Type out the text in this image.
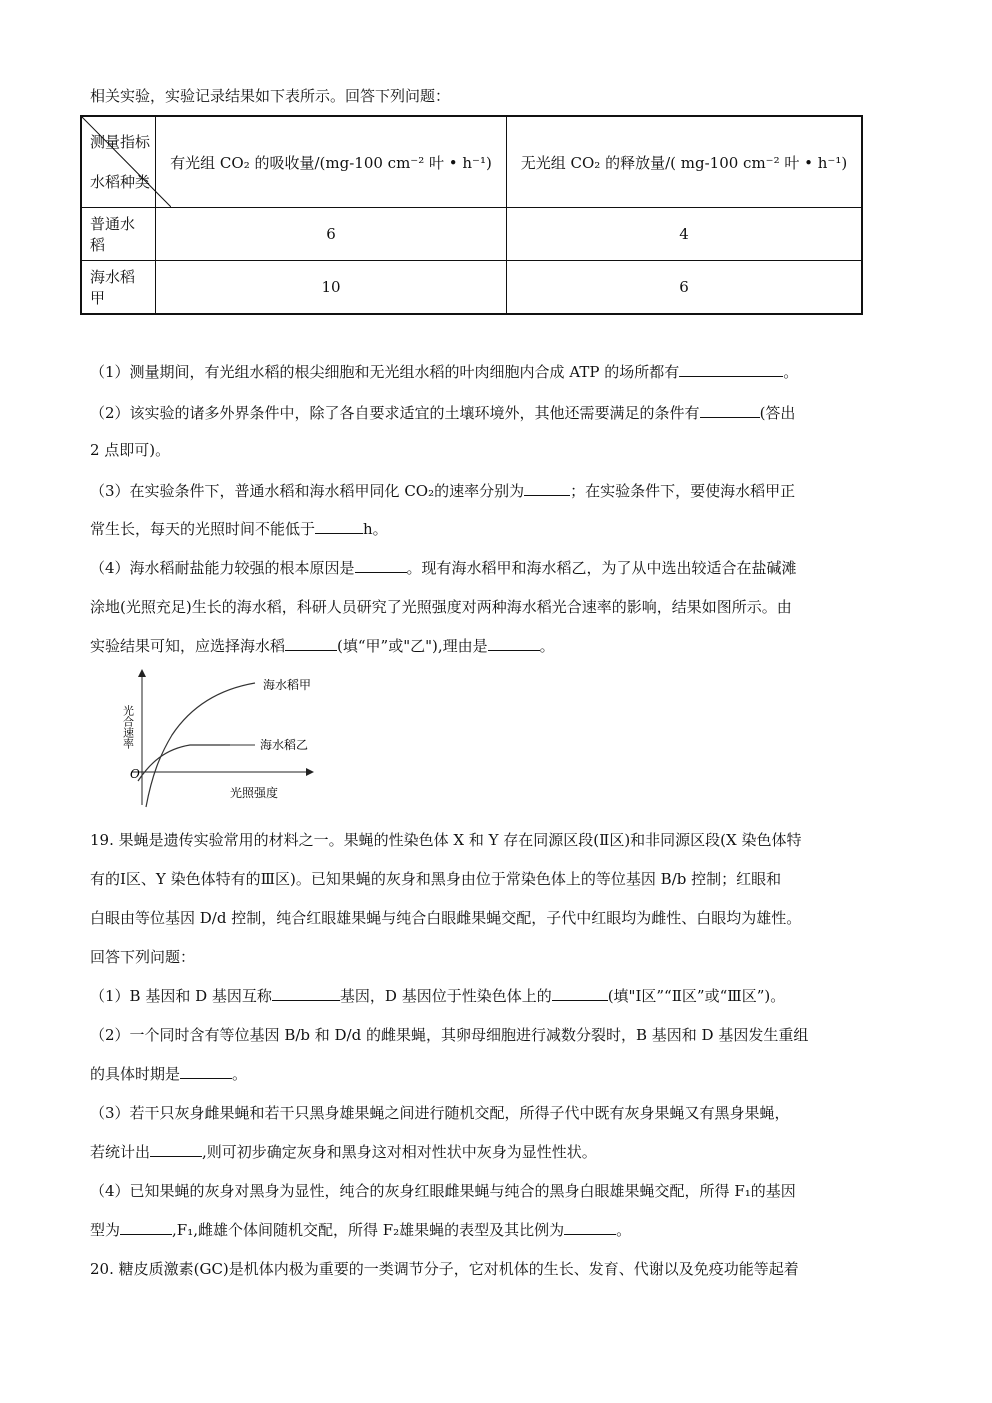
相关实验，实验记录结果如下表所示。回答下列问题：
测量指标
水稻种类	有光组 CO₂ 的吸收量/(mg‐100 cm⁻² 叶 • h⁻¹)	无光组 CO₂ 的释放量/( mg‐100 cm⁻² 叶 • h⁻¹)
普通水稻	6	4
海水稻甲	10	6
（1）测量期间，有光组水稻的根尖细胞和无光组水稻的叶肉细胞内合成 ATP 的场所都有	。
（2）该实验的诸多外界条件中，除了各自要求适宜的土壤环境外，其他还需要满足的条件有	(答出
2 点即可)。
（3）在实验条件下，普通水稻和海水稻甲同化 CO₂的速率分别为	；在实验条件下，要使海水稻甲正
常生长，每天的光照时间不能低于	h。
（4）海水稻耐盐能力较强的根本原因是	。现有海水稻甲和海水稻乙，为了从中选出较适合在盐碱滩
涂地(光照充足)生长的海水稻，科研人员研究了光照强度对两种海水稻光合速率的影响，结果如图所示。由
实验结果可知，应选择海水稻	(填“甲”或"乙"),理由是	。
光合速率
O
光照强度
海水稻甲
海水稻乙
19. 果蝇是遗传实验常用的材料之一。果蝇的性染色体 X 和 Y 存在同源区段(Ⅱ区)和非同源区段(X 染色体特
有的Ⅰ区、Y 染色体特有的Ⅲ区)。已知果蝇的灰身和黑身由位于常染色体上的等位基因 B/b 控制；红眼和
白眼由等位基因 D/d 控制，纯合红眼雄果蝇与纯合白眼雌果蝇交配，子代中红眼均为雌性、白眼均为雄性。
回答下列问题：
（1）B 基因和 D 基因互称	基因，D 基因位于性染色体上的	(填"Ⅰ区”“Ⅱ区”或“Ⅲ区”)。
（2）一个同时含有等位基因 B/b 和 D/d 的雌果蝇，其卵母细胞进行减数分裂时，B 基因和 D 基因发生重组
的具体时期是	。
（3）若干只灰身雌果蝇和若干只黑身雄果蝇之间进行随机交配，所得子代中既有灰身果蝇又有黑身果蝇，
若统计出	,则可初步确定灰身和黑身这对相对性状中灰身为显性性状。
（4）已知果蝇的灰身对黑身为显性，纯合的灰身红眼雌果蝇与纯合的黑身白眼雄果蝇交配，所得 F₁的基因
型为	,F₁,雌雄个体间随机交配，所得 F₂雄果蝇的表型及其比例为	。
20. 糖皮质激素(GC)是机体内极为重要的一类调节分子，它对机体的生长、发育、代谢以及免疫功能等起着
